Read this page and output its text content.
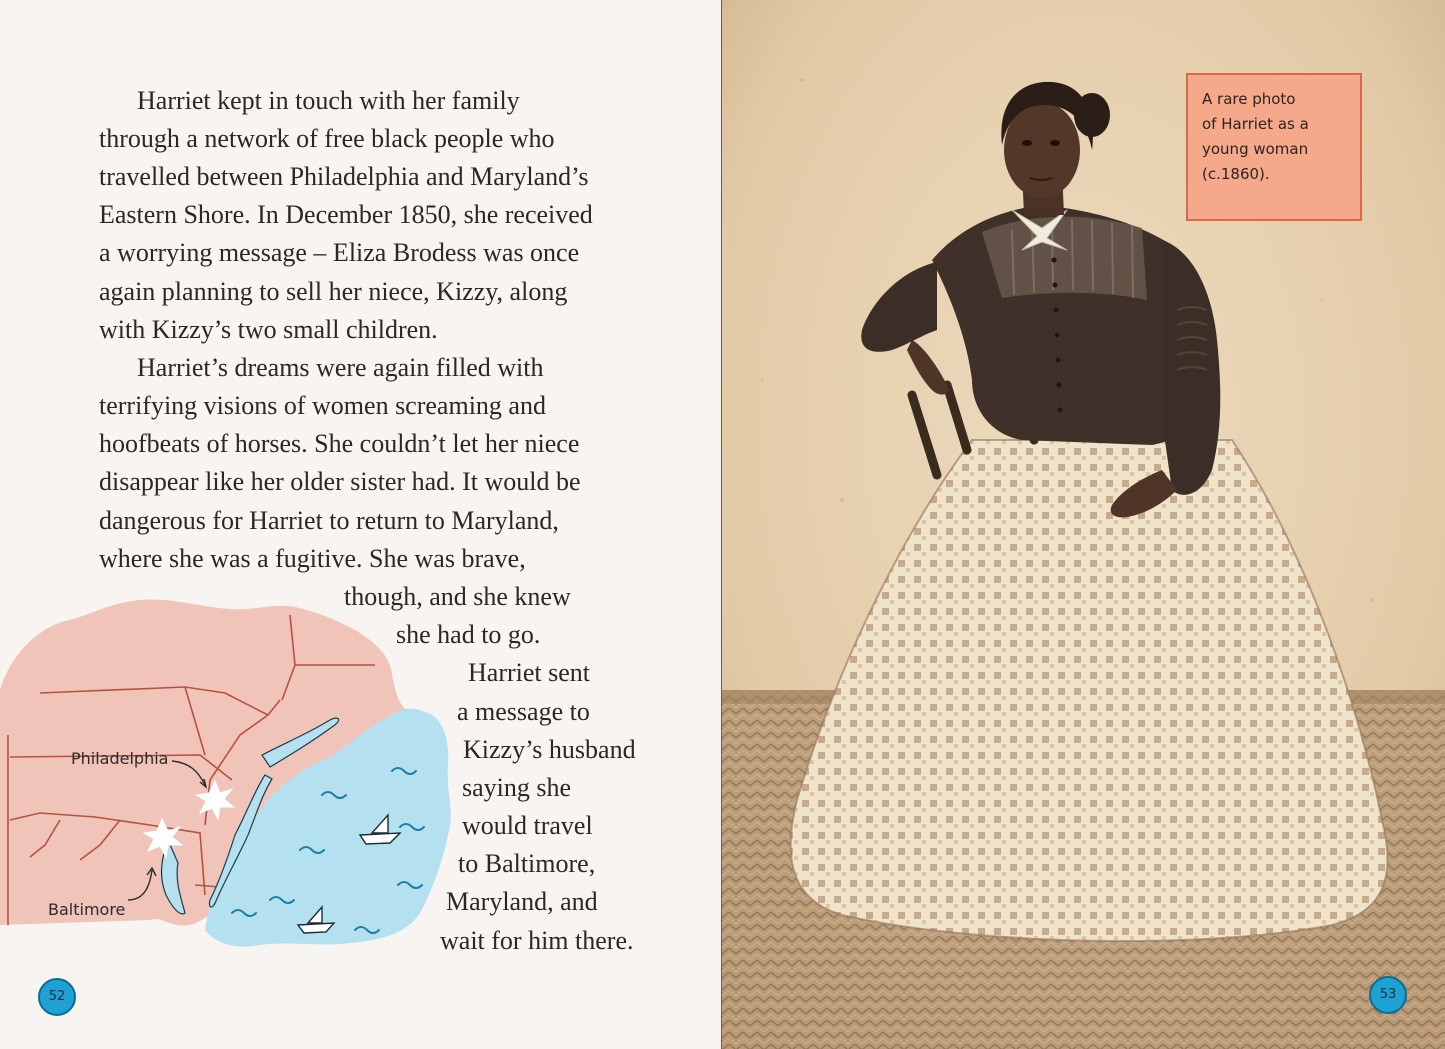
Harriet kept in touch with her family
through a network of free black people who
travelled between Philadelphia and Maryland’s
Eastern Shore. In December 1850, she received
a worrying message – Eliza Brodess was once
again planning to sell her niece, Kizzy, along
with Kizzy’s two small children.
Harriet’s dreams were again filled with
terrifying visions of women screaming and
hoofbeats of horses. She couldn’t let her niece
disappear like her older sister had. It would be
dangerous for Harriet to return to Maryland,
where she was a fugitive. She was brave,
though, and she knew
she had to go.
Harriet sent
a message to
Kizzy’s husband
saying she
would travel
to Baltimore,
Maryland, and
wait for him there.
Philadelphia
Baltimore
52	53
A rare photo
of Harriet as a
young woman
(c.1860).
